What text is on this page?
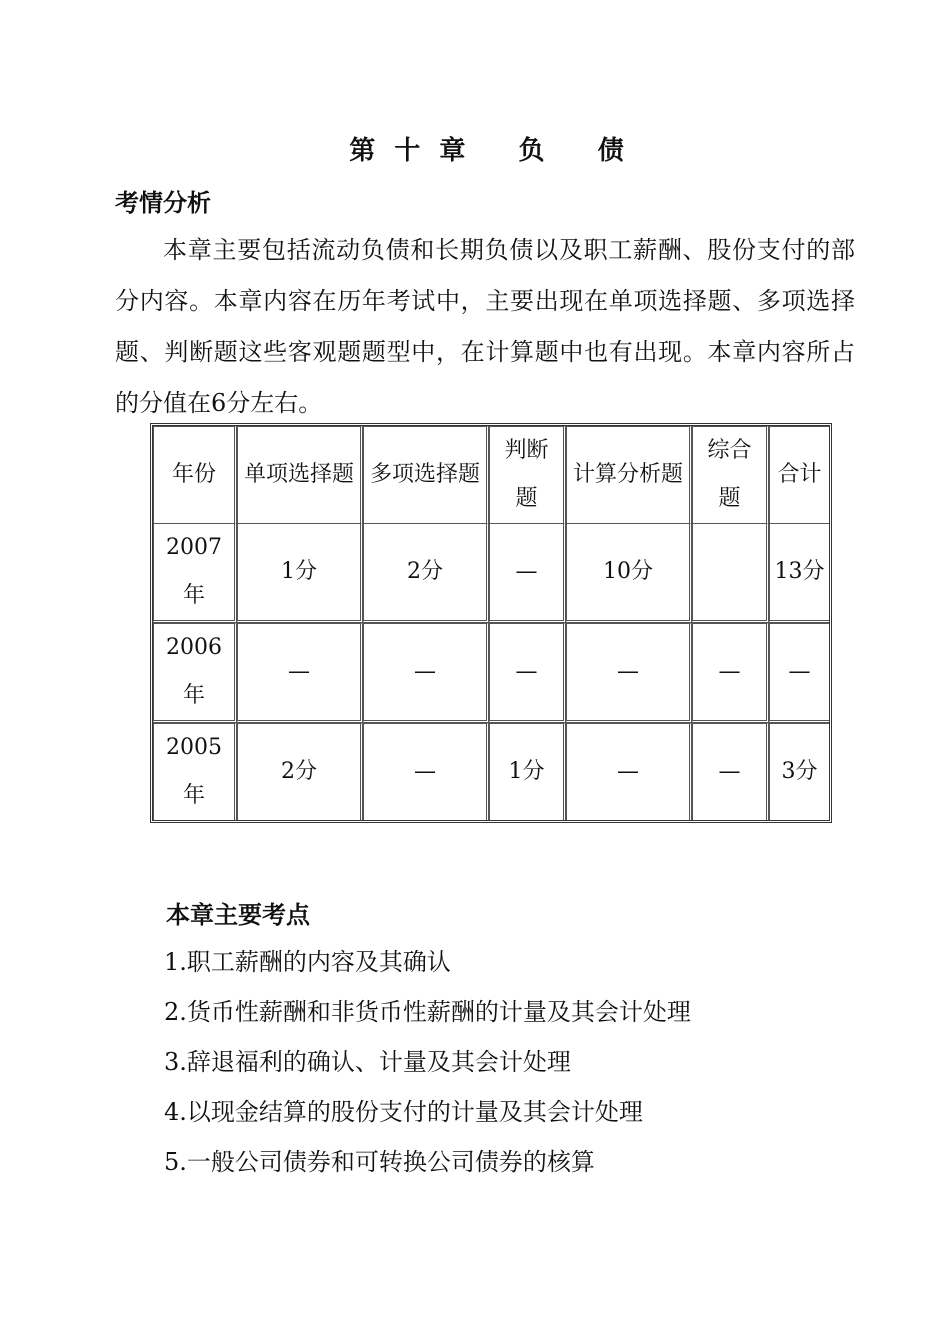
第 十 章   负   债
考情分析

本章主要包括流动负债和长期负债以及职工薪酬、股份支付的部分内容。本章内容在历年考试中，主要出现在单项选择题、多项选择题、判断题这些客观题题型中，在计算题中也有出现。本章内容所占的分值在6分左右。

年份	单项选择题	多项选择题	判断题	计算分析题	综合题	合计
2007年	1分	2分	—	10分		13分
2006年	—	—	—	—	—	—
2005年	2分	—	1分	—	—	3分
本章主要考点
1.职工薪酬的内容及其确认
2.货币性薪酬和非货币性薪酬的计量及其会计处理
3.辞退福利的确认、计量及其会计处理
4.以现金结算的股份支付的计量及其会计处理
5.一般公司债券和可转换公司债券的核算
